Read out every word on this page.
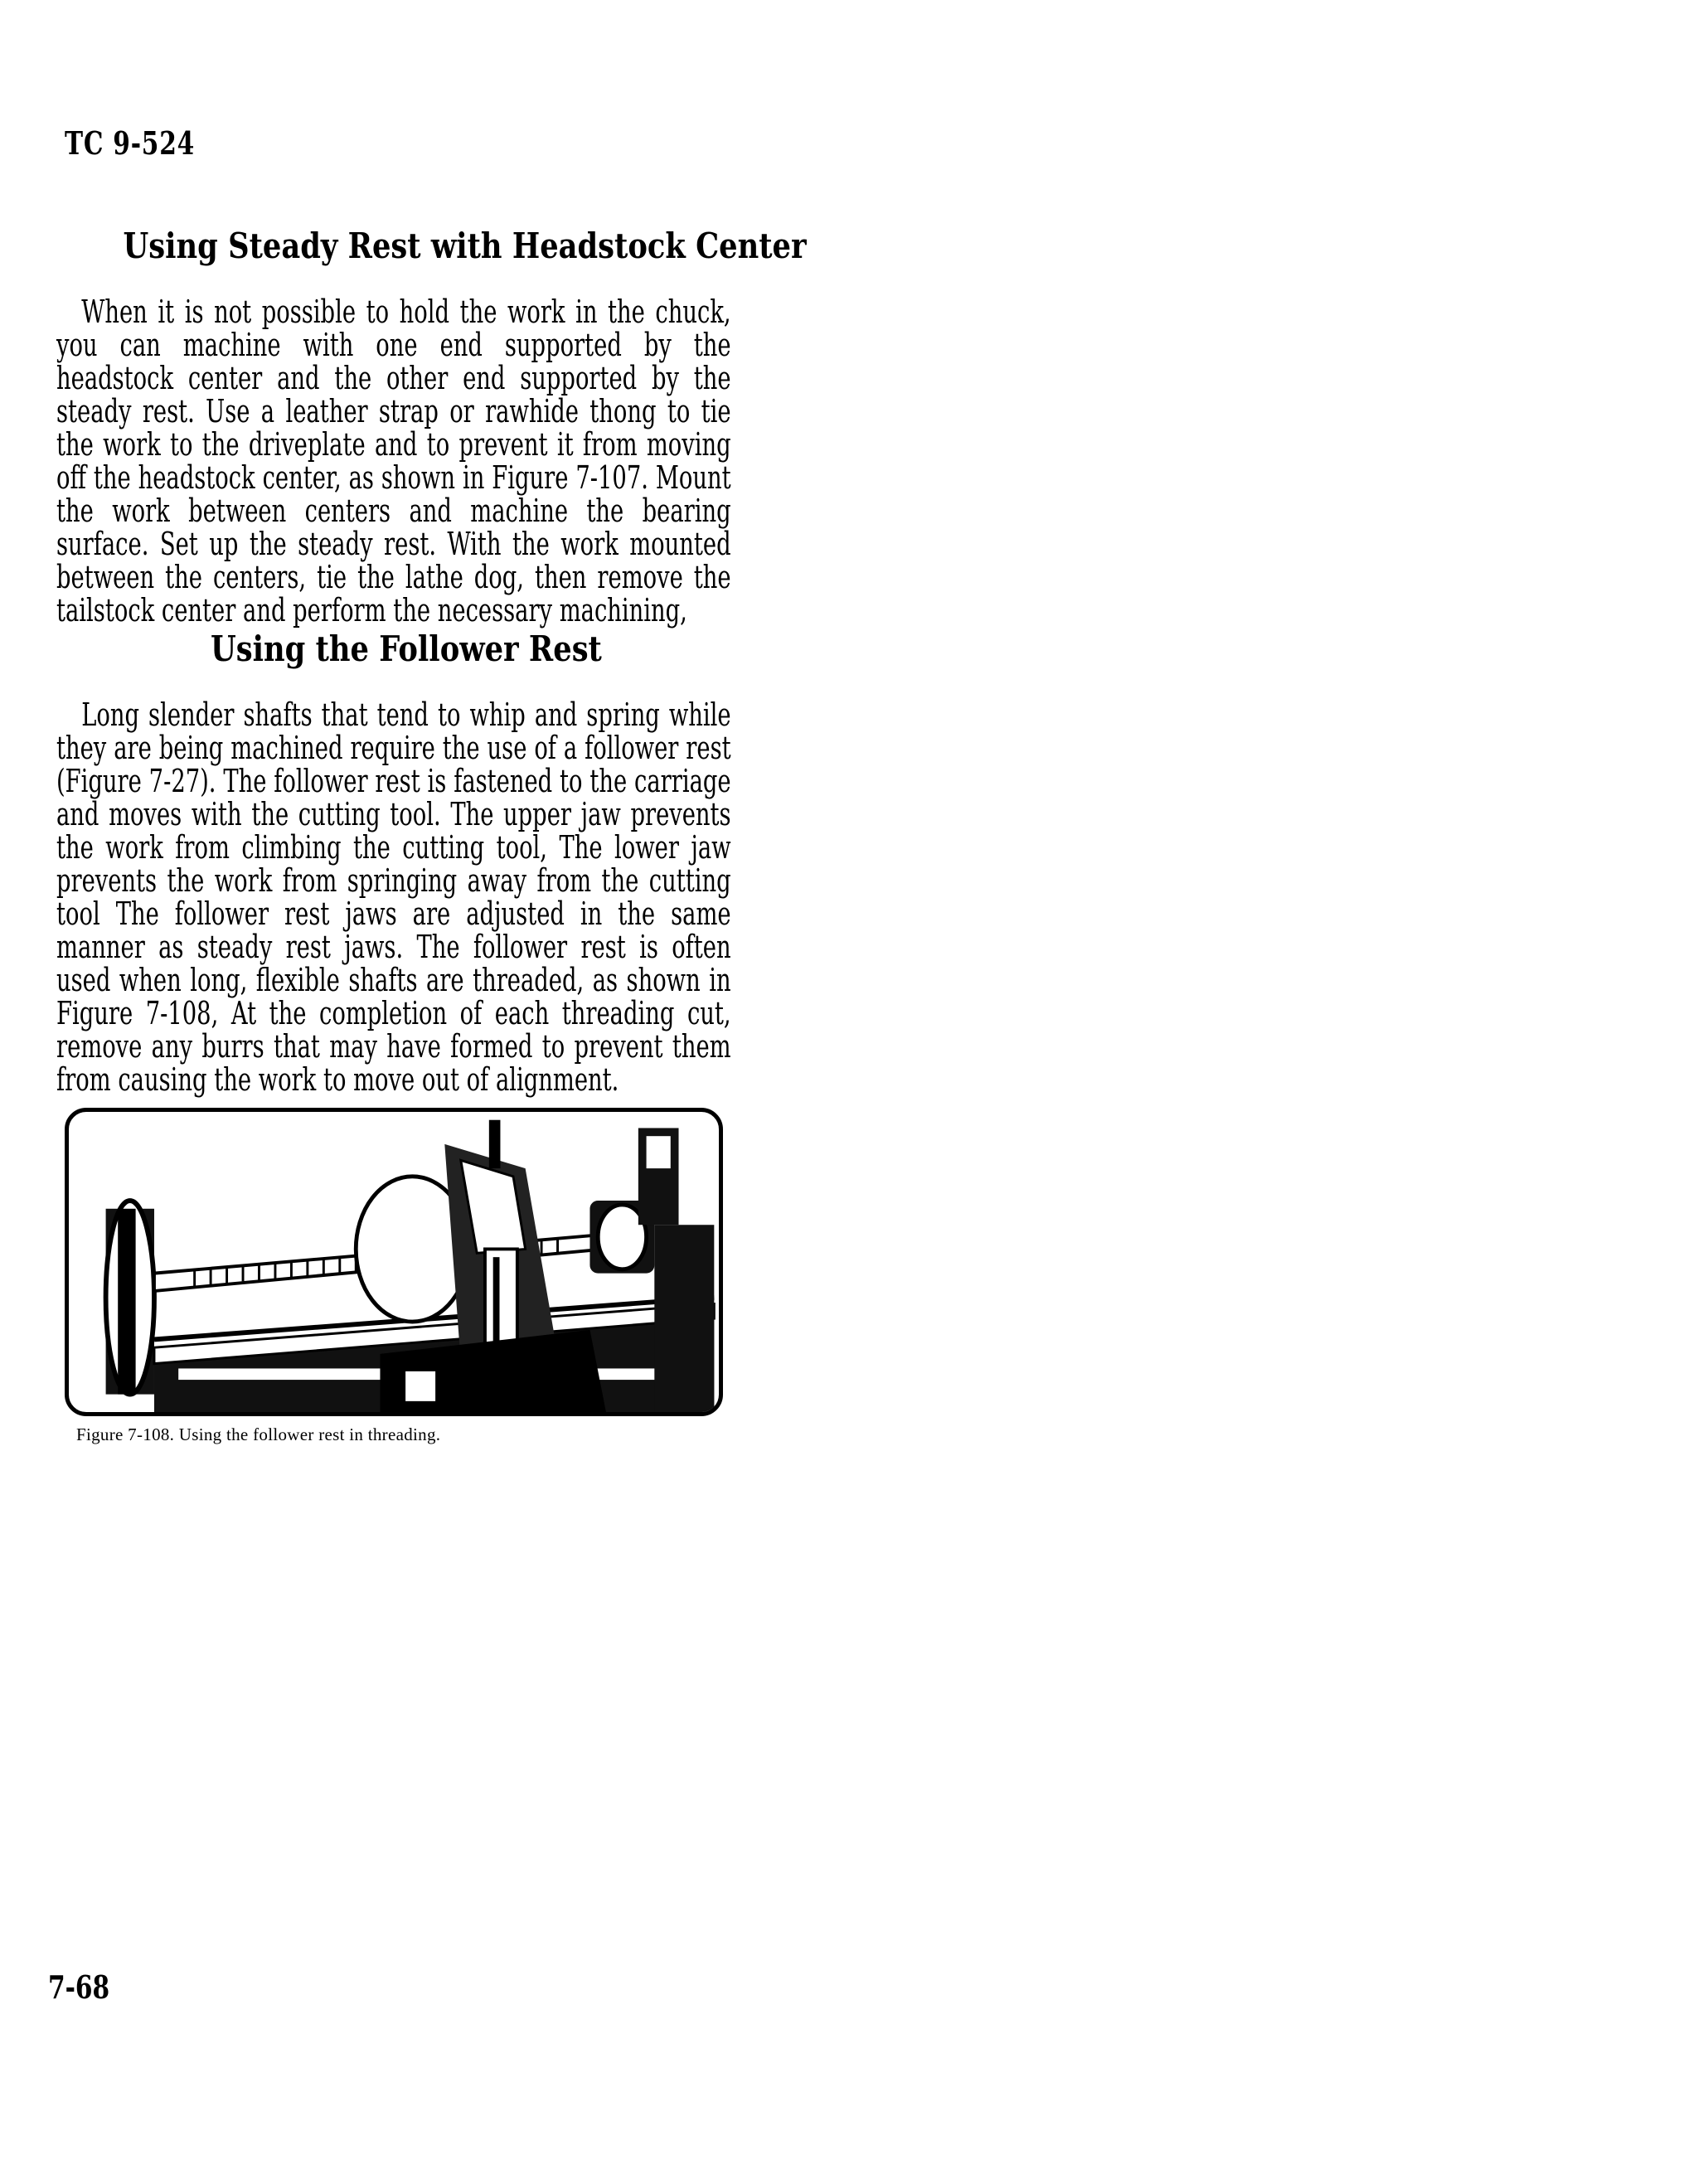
TC 9-524
Using Steady Rest with Headstock Center

When it is not possible to hold the work in the chuck, you can machine with one end supported by the headstock center and the other end supported by the steady rest. Use a leather strap or rawhide thong to tie the work to the driveplate and to prevent it from moving off the headstock center, as shown in Figure 7-107. Mount the work between centers and machine the bearing surface. Set up the steady rest. With the work mounted between the centers, tie the lathe dog, then remove the tailstock center and perform the necessary machining,

Using the Follower Rest

Long slender shafts that tend to whip and spring while they are being machined require the use of a follower rest (Figure 7-27). The follower rest is fastened to the carriage and moves with the cutting tool. The upper jaw prevents the work from climbing the cutting tool, The lower jaw prevents the work from springing away from the cutting tool The follower rest jaws are adjusted in the same manner as steady rest jaws. The follower rest is often used when long, flexible shafts are threaded, as shown in Figure 7-108, At the completion of each threading cut, remove any burrs that may have formed to prevent them from causing the work to move out of alignment.

Figure 7-108. Using the follower rest in threading.
7-68
